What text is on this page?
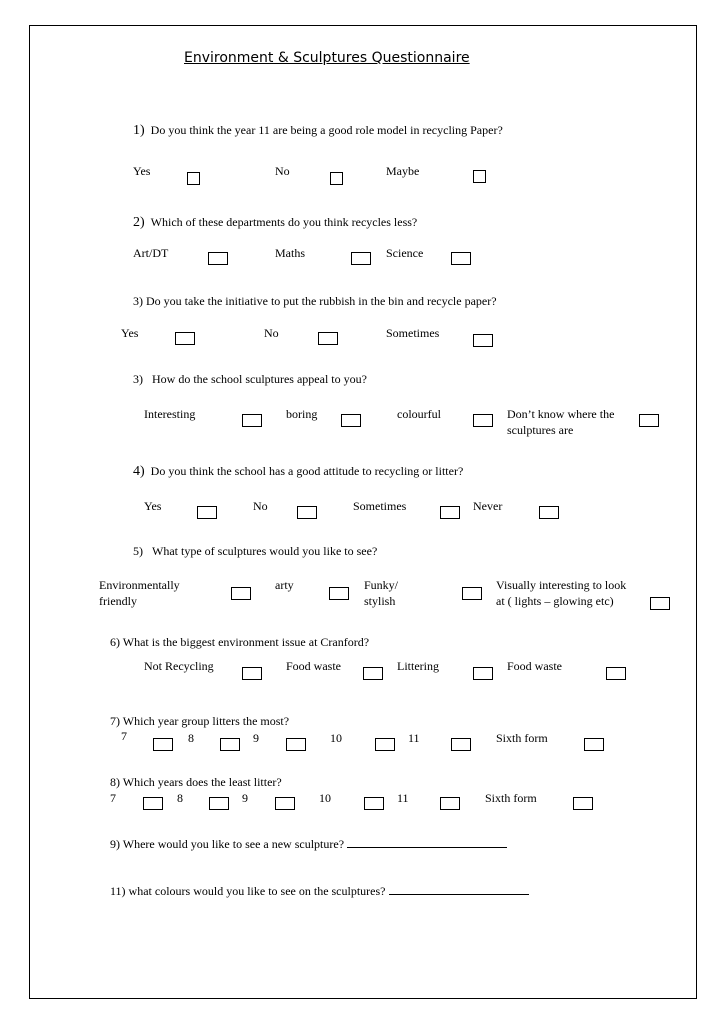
Environment & Sculptures Questionnaire
1) Do you think the year 11 are being a good role model in recycling Paper?
Yes	No	Maybe
2) Which of these departments do you think recycles less?
Art/DT	Maths	Science
3) Do you take the initiative to put the rubbish in the bin and recycle paper?
Yes	No	Sometimes
3) How do the school sculptures appeal to you?
Interesting	boring	colourful	Don’t know where the
sculptures are
4) Do you think the school has a good attitude to recycling or litter?
Yes	No	Sometimes	Never
5) What type of sculptures would you like to see?
Environmentally
friendly
arty	Funky/
stylish
Visually interesting to look
at ( lights – glowing etc)
6) What is the biggest environment issue at Cranford?
Not Recycling	Food waste	Littering	Food waste
7) Which year group litters the most?
7	8	9	10	11	Sixth form
8) Which years does the least litter?
7	8	9	10	11	Sixth form
9) Where would you like to see a new sculpture?
11) what colours would you like to see on the sculptures?
